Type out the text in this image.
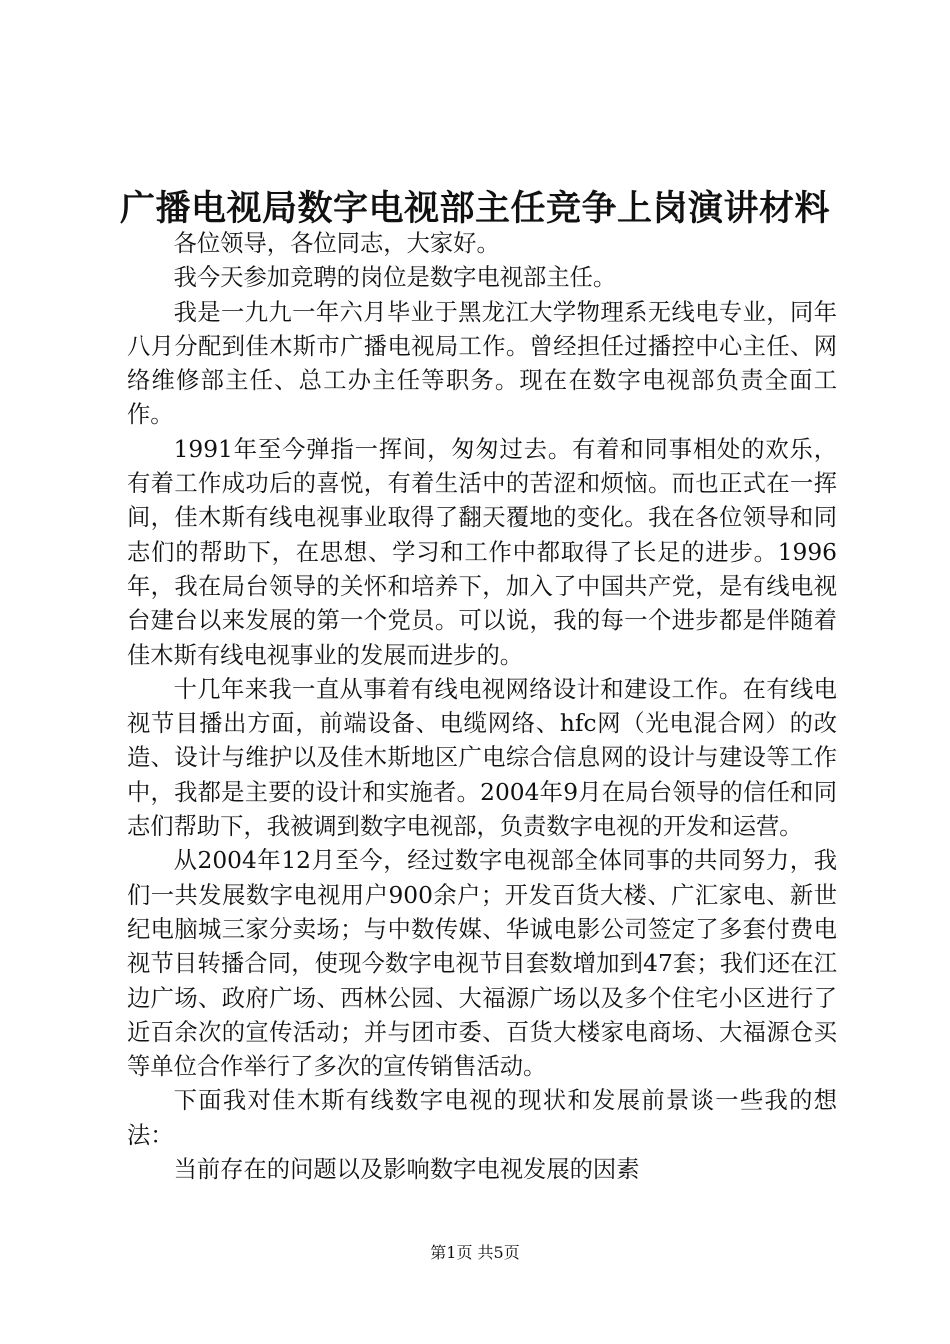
广播电视局数字电视部主任竞争上岗演讲材料

各位领导，各位同志，大家好。

我今天参加竞聘的岗位是数字电视部主任。

我是一九九一年六月毕业于黑龙江大学物理系无线电专业，同年八月分配到佳木斯市广播电视局工作。曾经担任过播控中心主任、网络维修部主任、总工办主任等职务。现在在数字电视部负责全面工作。

1991年至今弹指一挥间，匆匆过去。有着和同事相处的欢乐，有着工作成功后的喜悦，有着生活中的苦涩和烦恼。而也正式在一挥间，佳木斯有线电视事业取得了翻天覆地的变化。我在各位领导和同志们的帮助下，在思想、学习和工作中都取得了长足的进步。1996年，我在局台领导的关怀和培养下，加入了中国共产党，是有线电视台建台以来发展的第一个党员。可以说，我的每一个进步都是伴随着佳木斯有线电视事业的发展而进步的。

十几年来我一直从事着有线电视网络设计和建设工作。在有线电视节目播出方面，前端设备、电缆网络、hfc网（光电混合网）的改造、设计与维护以及佳木斯地区广电综合信息网的设计与建设等工作中，我都是主要的设计和实施者。2004年9月在局台领导的信任和同志们帮助下，我被调到数字电视部，负责数字电视的开发和运营。

从2004年12月至今，经过数字电视部全体同事的共同努力，我们一共发展数字电视用户900余户；开发百货大楼、广汇家电、新世纪电脑城三家分卖场；与中数传媒、华诚电影公司签定了多套付费电视节目转播合同，使现今数字电视节目套数增加到47套；我们还在江边广场、政府广场、西林公园、大福源广场以及多个住宅小区进行了近百余次的宣传活动；并与团市委、百货大楼家电商场、大福源仓买等单位合作举行了多次的宣传销售活动。

下面我对佳木斯有线数字电视的现状和发展前景谈一些我的想法：

当前存在的问题以及影响数字电视发展的因素

第1页 共5页
